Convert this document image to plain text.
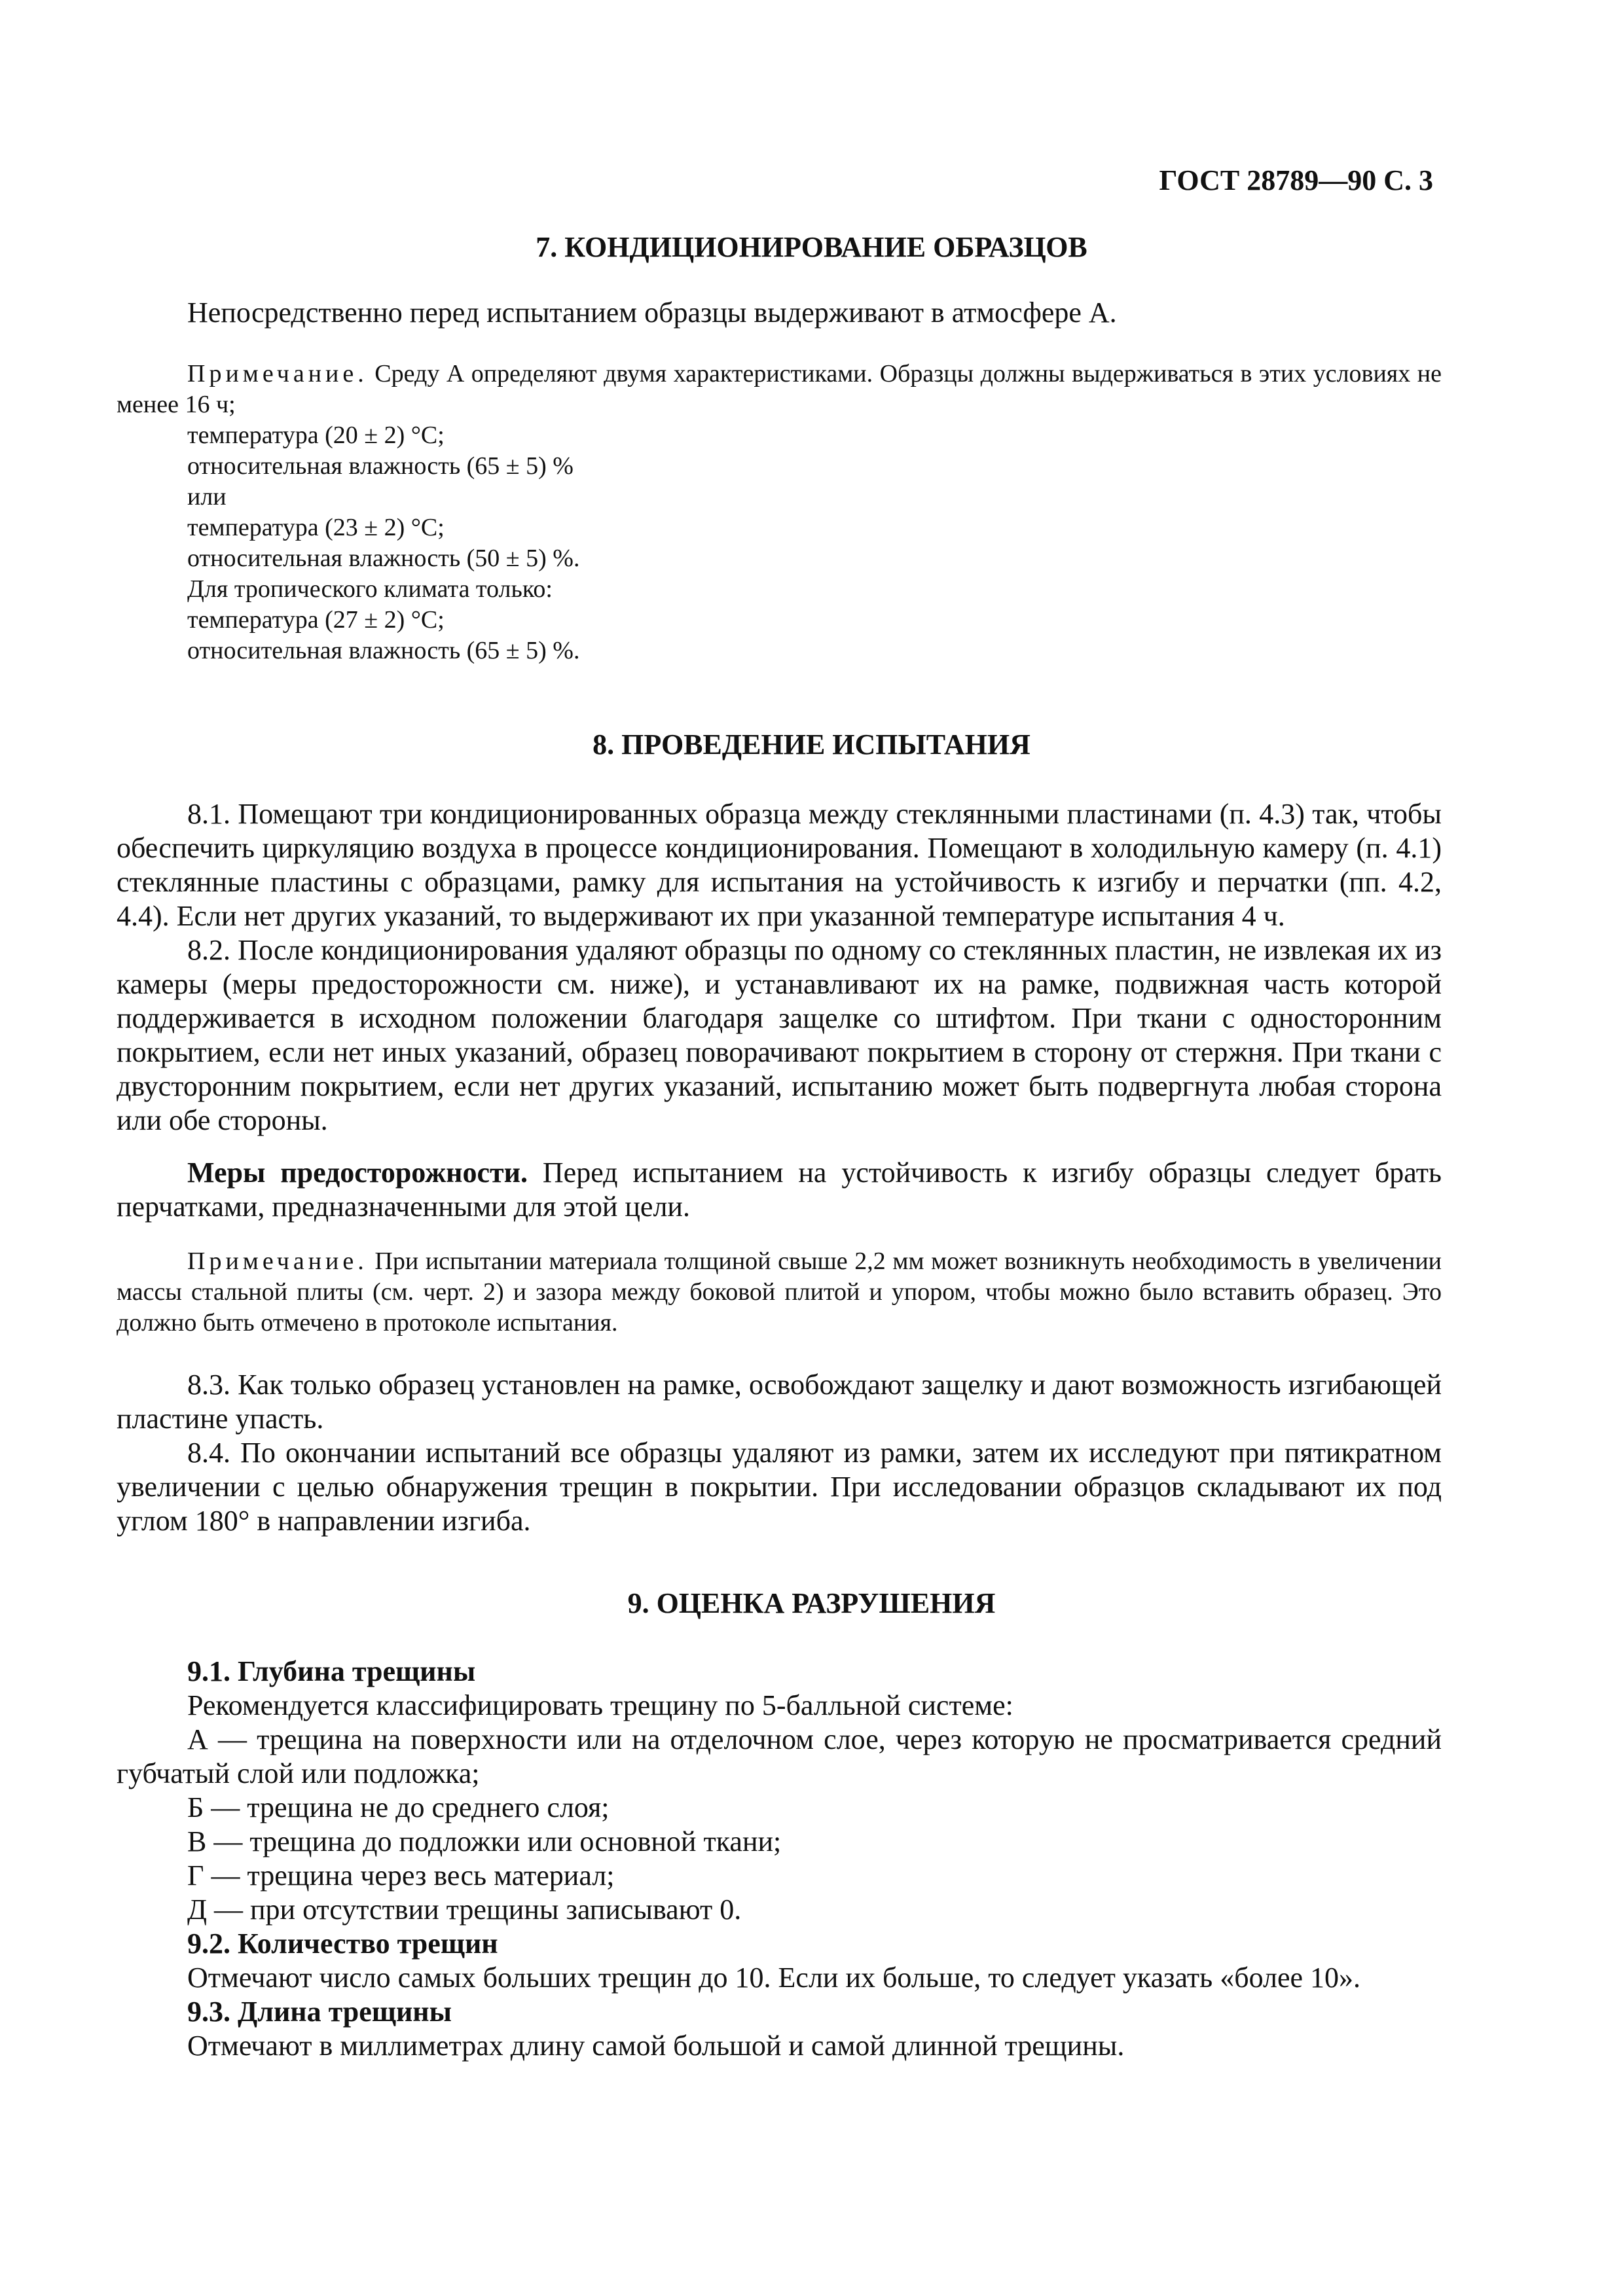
ГОСТ 28789—90 С. 3
7. КОНДИЦИОНИРОВАНИЕ ОБРАЗЦОВ

Непосредственно перед испытанием образцы выдерживают в атмосфере А.

Примечание. Среду А определяют двумя характеристиками. Образцы должны выдерживаться в этих условиях не менее 16 ч;

температура (20 ± 2) °С;
относительная влажность (65 ± 5) %
или
температура (23 ± 2) °С;
относительная влажность (50 ± 5) %.
Для тропического климата только:
температура (27 ± 2) °С;
относительная влажность (65 ± 5) %.
8. ПРОВЕДЕНИЕ ИСПЫТАНИЯ

8.1. Помещают три кондиционированных образца между стеклянными пластинами (п. 4.3) так, чтобы обеспечить циркуляцию воздуха в процессе кондиционирования. Помещают в холодильную камеру (п. 4.1) стеклянные пластины с образцами, рамку для испытания на устойчивость к изгибу и перчатки (пп. 4.2, 4.4). Если нет других указаний, то выдерживают их при указанной температуре испытания 4 ч.

8.2. После кондиционирования удаляют образцы по одному со стеклянных пластин, не извлекая их из камеры (меры предосторожности см. ниже), и устанавливают их на рамке, подвижная часть которой поддерживается в исходном положении благодаря защелке со штифтом. При ткани с односторонним покрытием, если нет иных указаний, образец поворачивают покрытием в сторону от стержня. При ткани с двусторонним покрытием, если нет других указаний, испытанию может быть подвергнута любая сторона или обе стороны.

Меры предосторожности. Перед испытанием на устойчивость к изгибу образцы следует брать перчатками, предназначенными для этой цели.

Примечание. При испытании материала толщиной свыше 2,2 мм может возникнуть необходимость в увеличении массы стальной плиты (см. черт. 2) и зазора между боковой плитой и упором, чтобы можно было вставить образец. Это должно быть отмечено в протоколе испытания.

8.3. Как только образец установлен на рамке, освобождают защелку и дают возможность изгибающей пластине упасть.

8.4. По окончании испытаний все образцы удаляют из рамки, затем их исследуют при пятикратном увеличении с целью обнаружения трещин в покрытии. При исследовании образцов складывают их под углом 180° в направлении изгиба.

9. ОЦЕНКА РАЗРУШЕНИЯ
9.1. Глубина трещины
Рекомендуется классифицировать трещину по 5-балльной системе:

А — трещина на поверхности или на отделочном слое, через которую не просматривается средний губчатый слой или подложка;

Б — трещина не до среднего слоя;
В — трещина до подложки или основной ткани;
Г — трещина через весь материал;
Д — при отсутствии трещины записывают 0.
9.2. Количество трещин
Отмечают число самых больших трещин до 10. Если их больше, то следует указать «более 10».
9.3. Длина трещины
Отмечают в миллиметрах длину самой большой и самой длинной трещины.
